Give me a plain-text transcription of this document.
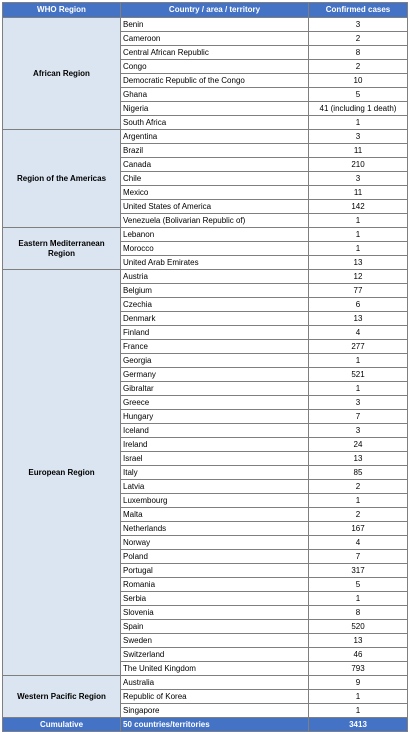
WHO Region	Country / area / territory	Confirmed cases
African Region	Benin	3
	Cameroon	2
	Central African Republic	8
	Congo	2
	Democratic Republic of the Congo	10
	Ghana	5
	Nigeria	41 (including 1 death)
	South Africa	1
Region of the Americas	Argentina	3
	Brazil	11
	Canada	210
	Chile	3
	Mexico	11
	United States of America	142
	Venezuela (Bolivarian Republic of)	1
Eastern Mediterranean Region	Lebanon	1
	Morocco	1
	United Arab Emirates	13
European Region	Austria	12
	Belgium	77
	Czechia	6
	Denmark	13
	Finland	4
	France	277
	Georgia	1
	Germany	521
	Gibraltar	1
	Greece	3
	Hungary	7
	Iceland	3
	Ireland	24
	Israel	13
	Italy	85
	Latvia	2
	Luxembourg	1
	Malta	2
	Netherlands	167
	Norway	4
	Poland	7
	Portugal	317
	Romania	5
	Serbia	1
	Slovenia	8
	Spain	520
	Sweden	13
	Switzerland	46
	The United Kingdom	793
Western Pacific Region	Australia	9
	Republic of Korea	1
	Singapore	1
Cumulative	50 countries/territories	3413
